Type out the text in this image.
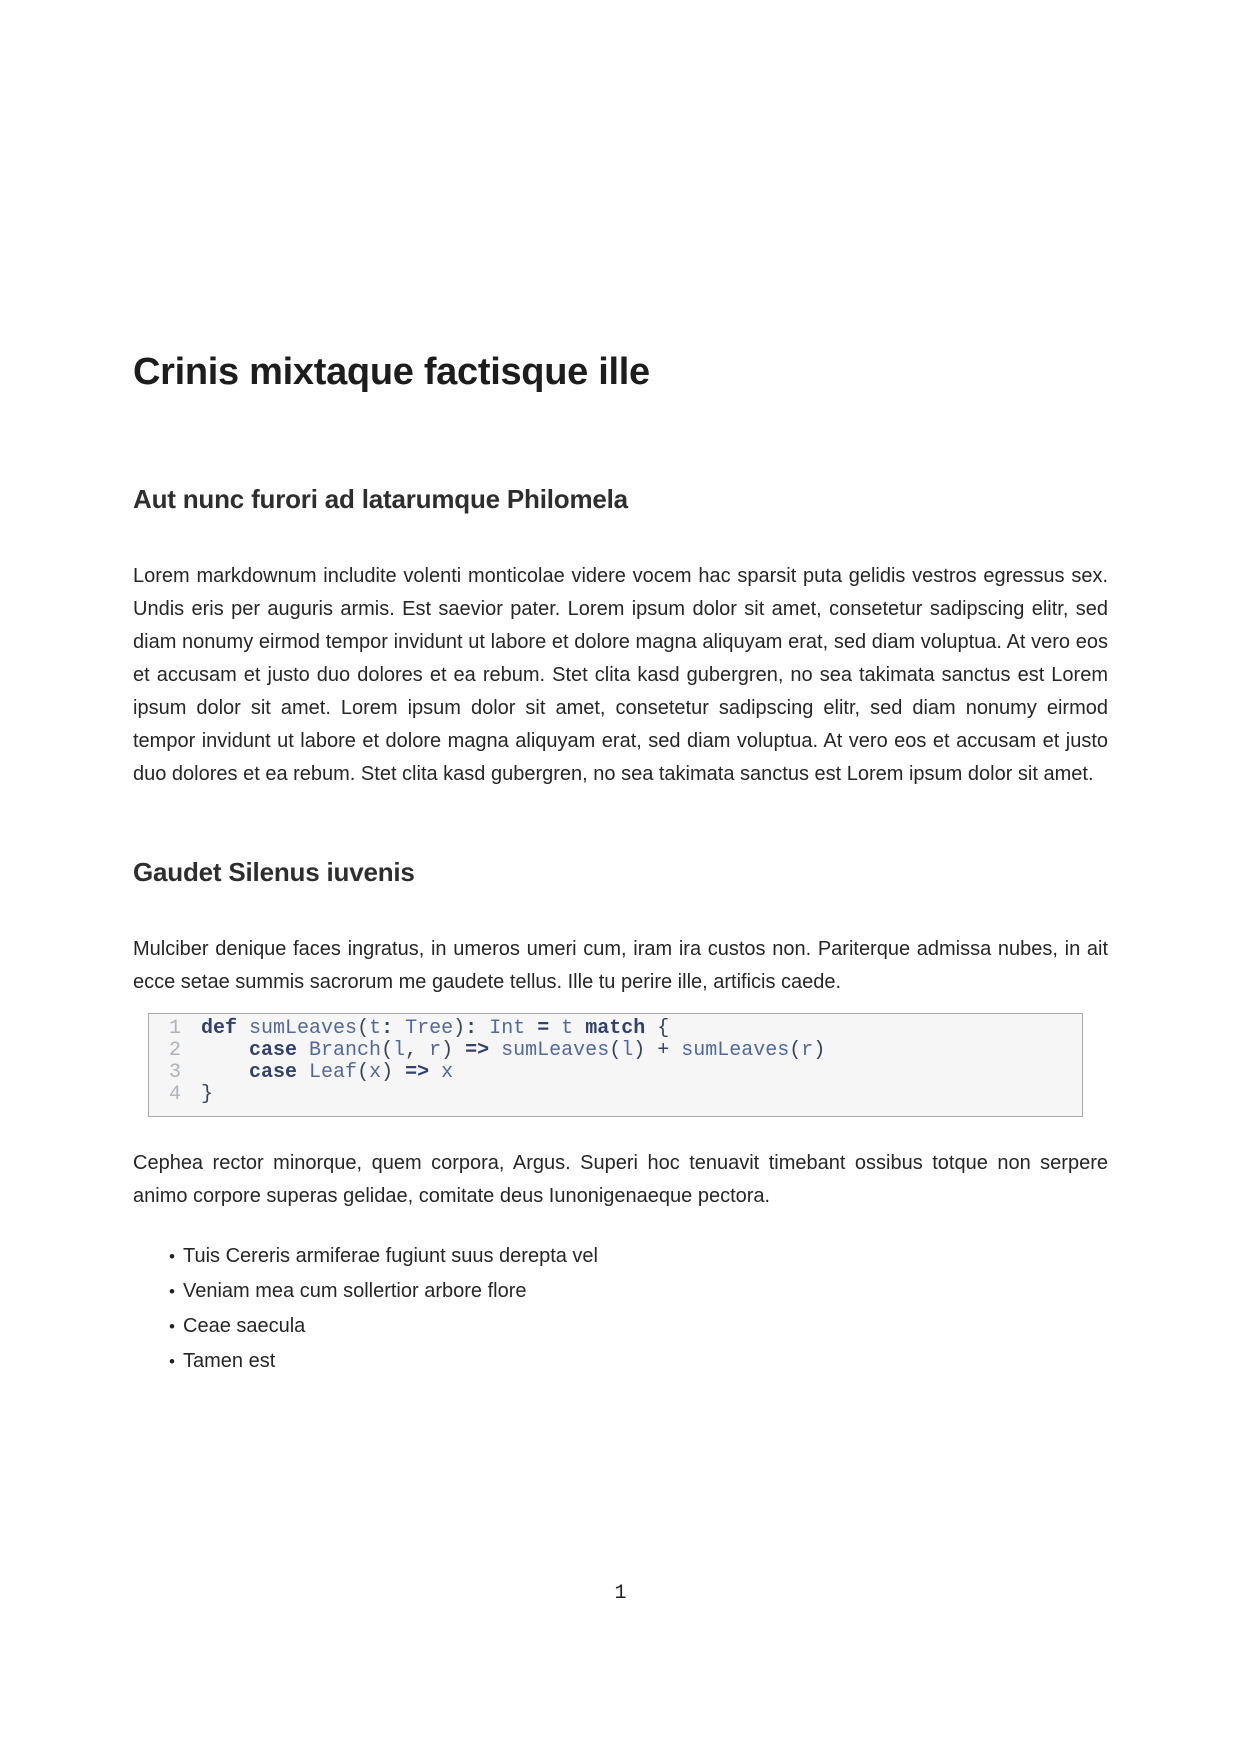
Crinis mixtaque factisque ille
Aut nunc furori ad latarumque Philomela

Lorem markdownum includite volenti monticolae videre vocem hac sparsit puta gelidis vestros egressus sex. Undis eris per auguris armis. Est saevior pater. Lorem ipsum dolor sit amet, consetetur sadipscing elitr, sed diam nonumy eirmod tempor invidunt ut labore et dolore magna aliquyam erat, sed diam voluptua. At vero eos et accusam et justo duo dolores et ea rebum. Stet clita kasd gubergren, no sea takimata sanctus est Lorem ipsum dolor sit amet. Lorem ipsum dolor sit amet, consetetur sadipscing elitr, sed diam nonumy eirmod tempor invidunt ut labore et dolore magna aliquyam erat, sed diam voluptua. At vero eos et accusam et justo duo dolores et ea rebum. Stet clita kasd gubergren, no sea takimata sanctus est Lorem ipsum dolor sit amet.

Gaudet Silenus iuvenis

Mulciber denique faces ingratus, in umeros umeri cum, iram ira custos non. Pariterque admissa nubes, in ait ecce setae summis sacrorum me gaudete tellus. Ille tu perire ille, artificis caede.

1 def sumLeaves(t: Tree): Int = t match {
2	case Branch(l, r) => sumLeaves(l) + sumLeaves(r)
3	case Leaf(x) => x
4 }

Cephea rector minorque, quem corpora, Argus. Superi hoc tenuavit timebant ossibus totque non serpere animo corpore superas gelidae, comitate deus Iunonigenaeque pectora.

• Tuis Cereris armiferae fugiunt suus derepta vel
• Veniam mea cum sollertior arbore flore
• Ceae saecula
• Tamen est
1
